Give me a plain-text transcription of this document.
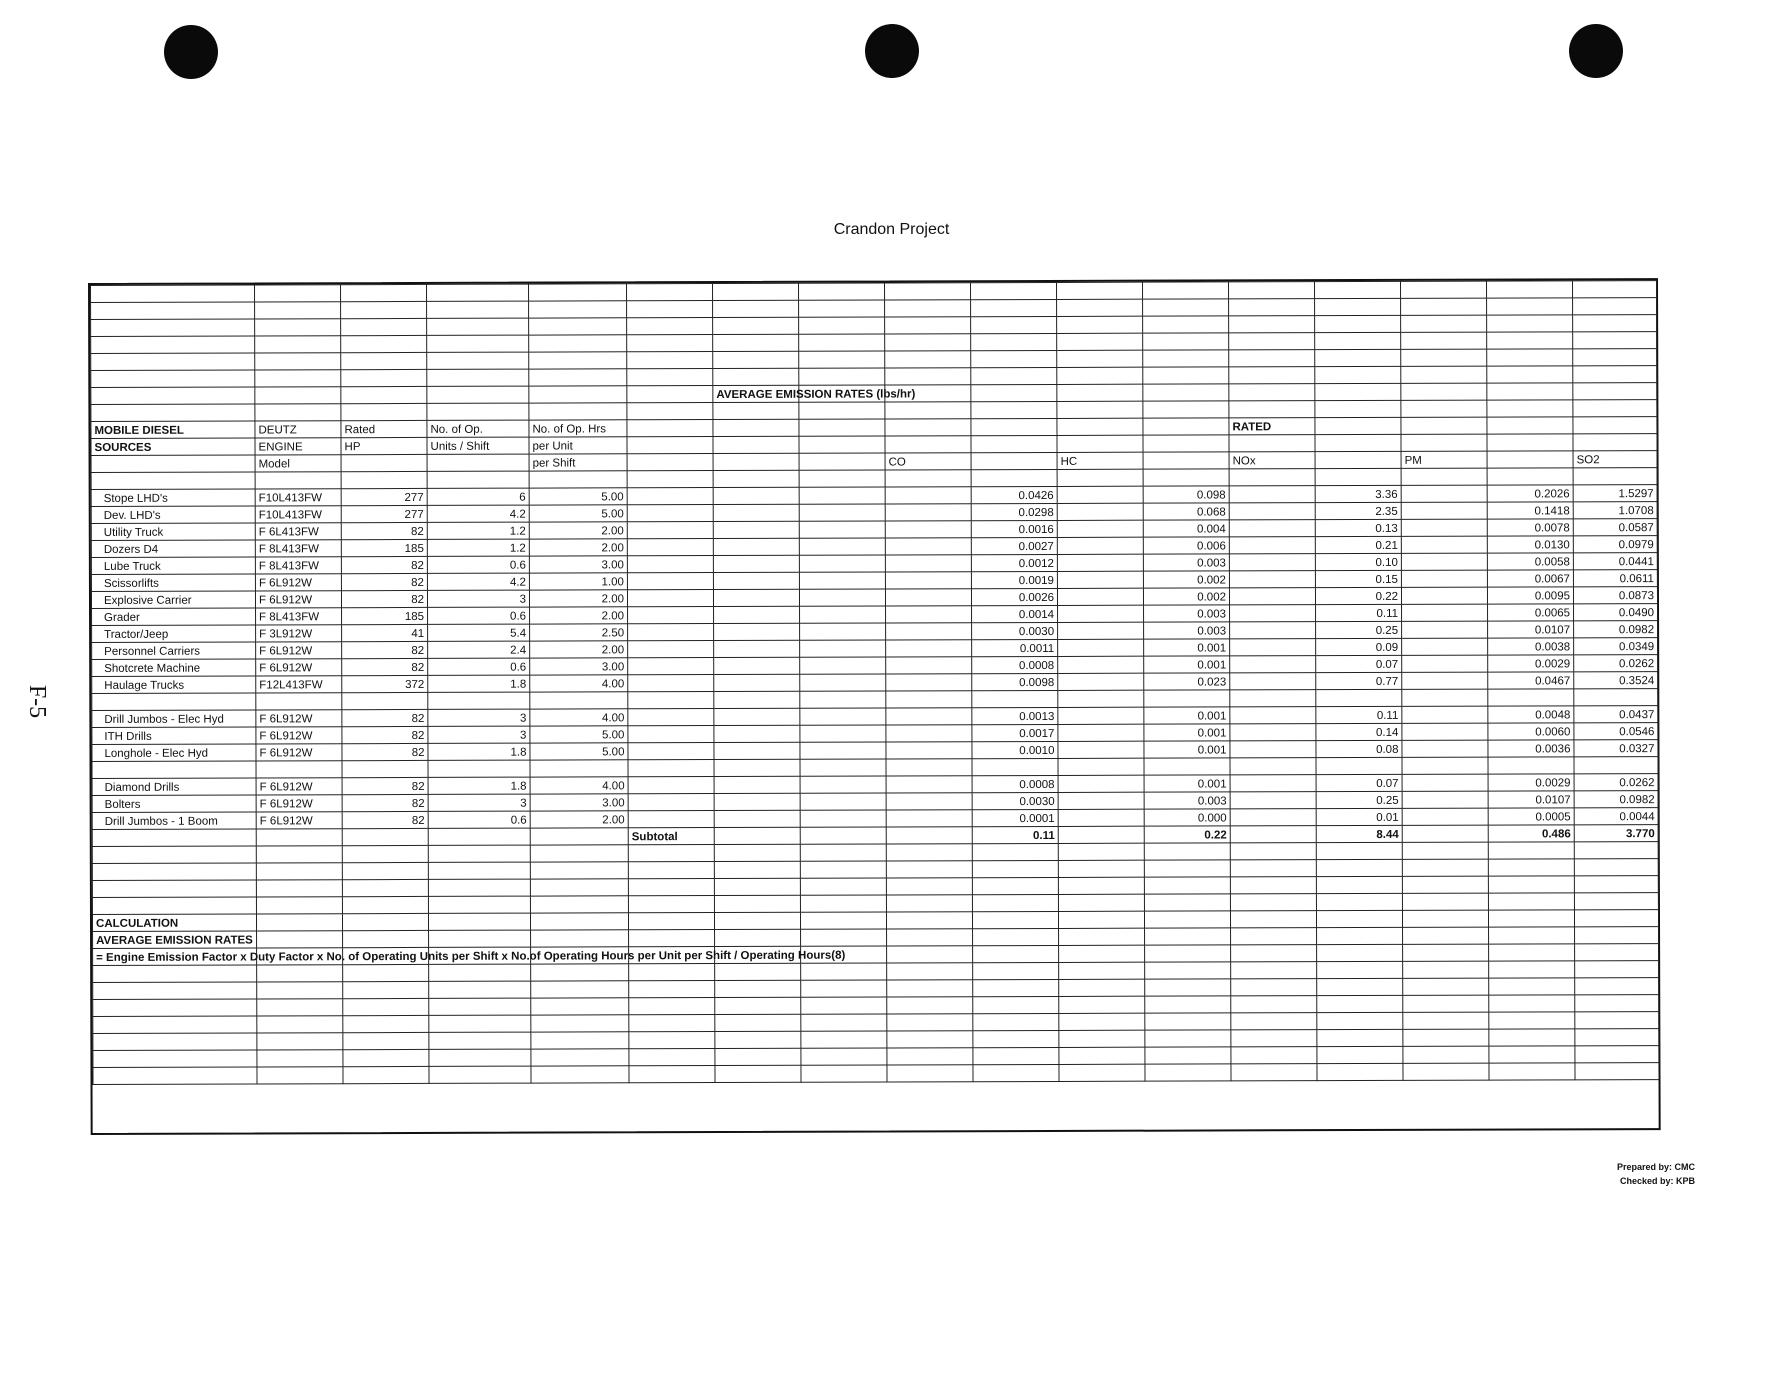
Crandon Project
F-5

						AVERAGE EMISSION RATES (lbs/hr)										

MOBILE DIESEL	DEUTZ	Rated	No. of Op.	No. of Op. Hrs								RATED				
SOURCES	ENGINE	HP	Units / Shift	per Unit												
	Model			per Shift				CO		HC		NOx		PM		SO2

Stope LHD's	F10L413FW	277	6	5.00					0.0426		0.098		3.36		0.2026	1.5297
Dev. LHD's	F10L413FW	277	4.2	5.00					0.0298		0.068		2.35		0.1418	1.0708
Utility Truck	F 6L413FW	82	1.2	2.00					0.0016		0.004		0.13		0.0078	0.0587
Dozers D4	F 8L413FW	185	1.2	2.00					0.0027		0.006		0.21		0.0130	0.0979
Lube Truck	F 8L413FW	82	0.6	3.00					0.0012		0.003		0.10		0.0058	0.0441
Scissorlifts	F 6L912W	82	4.2	1.00					0.0019		0.002		0.15		0.0067	0.0611
Explosive Carrier	F 6L912W	82	3	2.00					0.0026		0.002		0.22		0.0095	0.0873
Grader	F 8L413FW	185	0.6	2.00					0.0014		0.003		0.11		0.0065	0.0490
Tractor/Jeep	F 3L912W	41	5.4	2.50					0.0030		0.003		0.25		0.0107	0.0982
Personnel Carriers	F 6L912W	82	2.4	2.00					0.0011		0.001		0.09		0.0038	0.0349
Shotcrete Machine	F 6L912W	82	0.6	3.00					0.0008		0.001		0.07		0.0029	0.0262
Haulage Trucks	F12L413FW	372	1.8	4.00					0.0098		0.023		0.77		0.0467	0.3524

Drill Jumbos - Elec Hyd	F 6L912W	82	3	4.00					0.0013		0.001		0.11		0.0048	0.0437
ITH Drills	F 6L912W	82	3	5.00					0.0017		0.001		0.14		0.0060	0.0546
Longhole - Elec Hyd	F 6L912W	82	1.8	5.00					0.0010		0.001		0.08		0.0036	0.0327

Diamond Drills	F 6L912W	82	1.8	4.00					0.0008		0.001		0.07		0.0029	0.0262
Bolters	F 6L912W	82	3	3.00					0.0030		0.003		0.25		0.0107	0.0982
Drill Jumbos - 1 Boom	F 6L912W	82	0.6	2.00					0.0001		0.000		0.01		0.0005	0.0044
					Subtotal				0.11		0.22		8.44		0.486	3.770

CALCULATION																
AVERAGE EMISSION RATES																
= Engine Emission Factor x Duty Factor x No. of Operating Units per Shift x No.of Operating Hours per Unit per Shift / Operating Hours(8)																

Prepared by: CMC
Checked by: KPB
